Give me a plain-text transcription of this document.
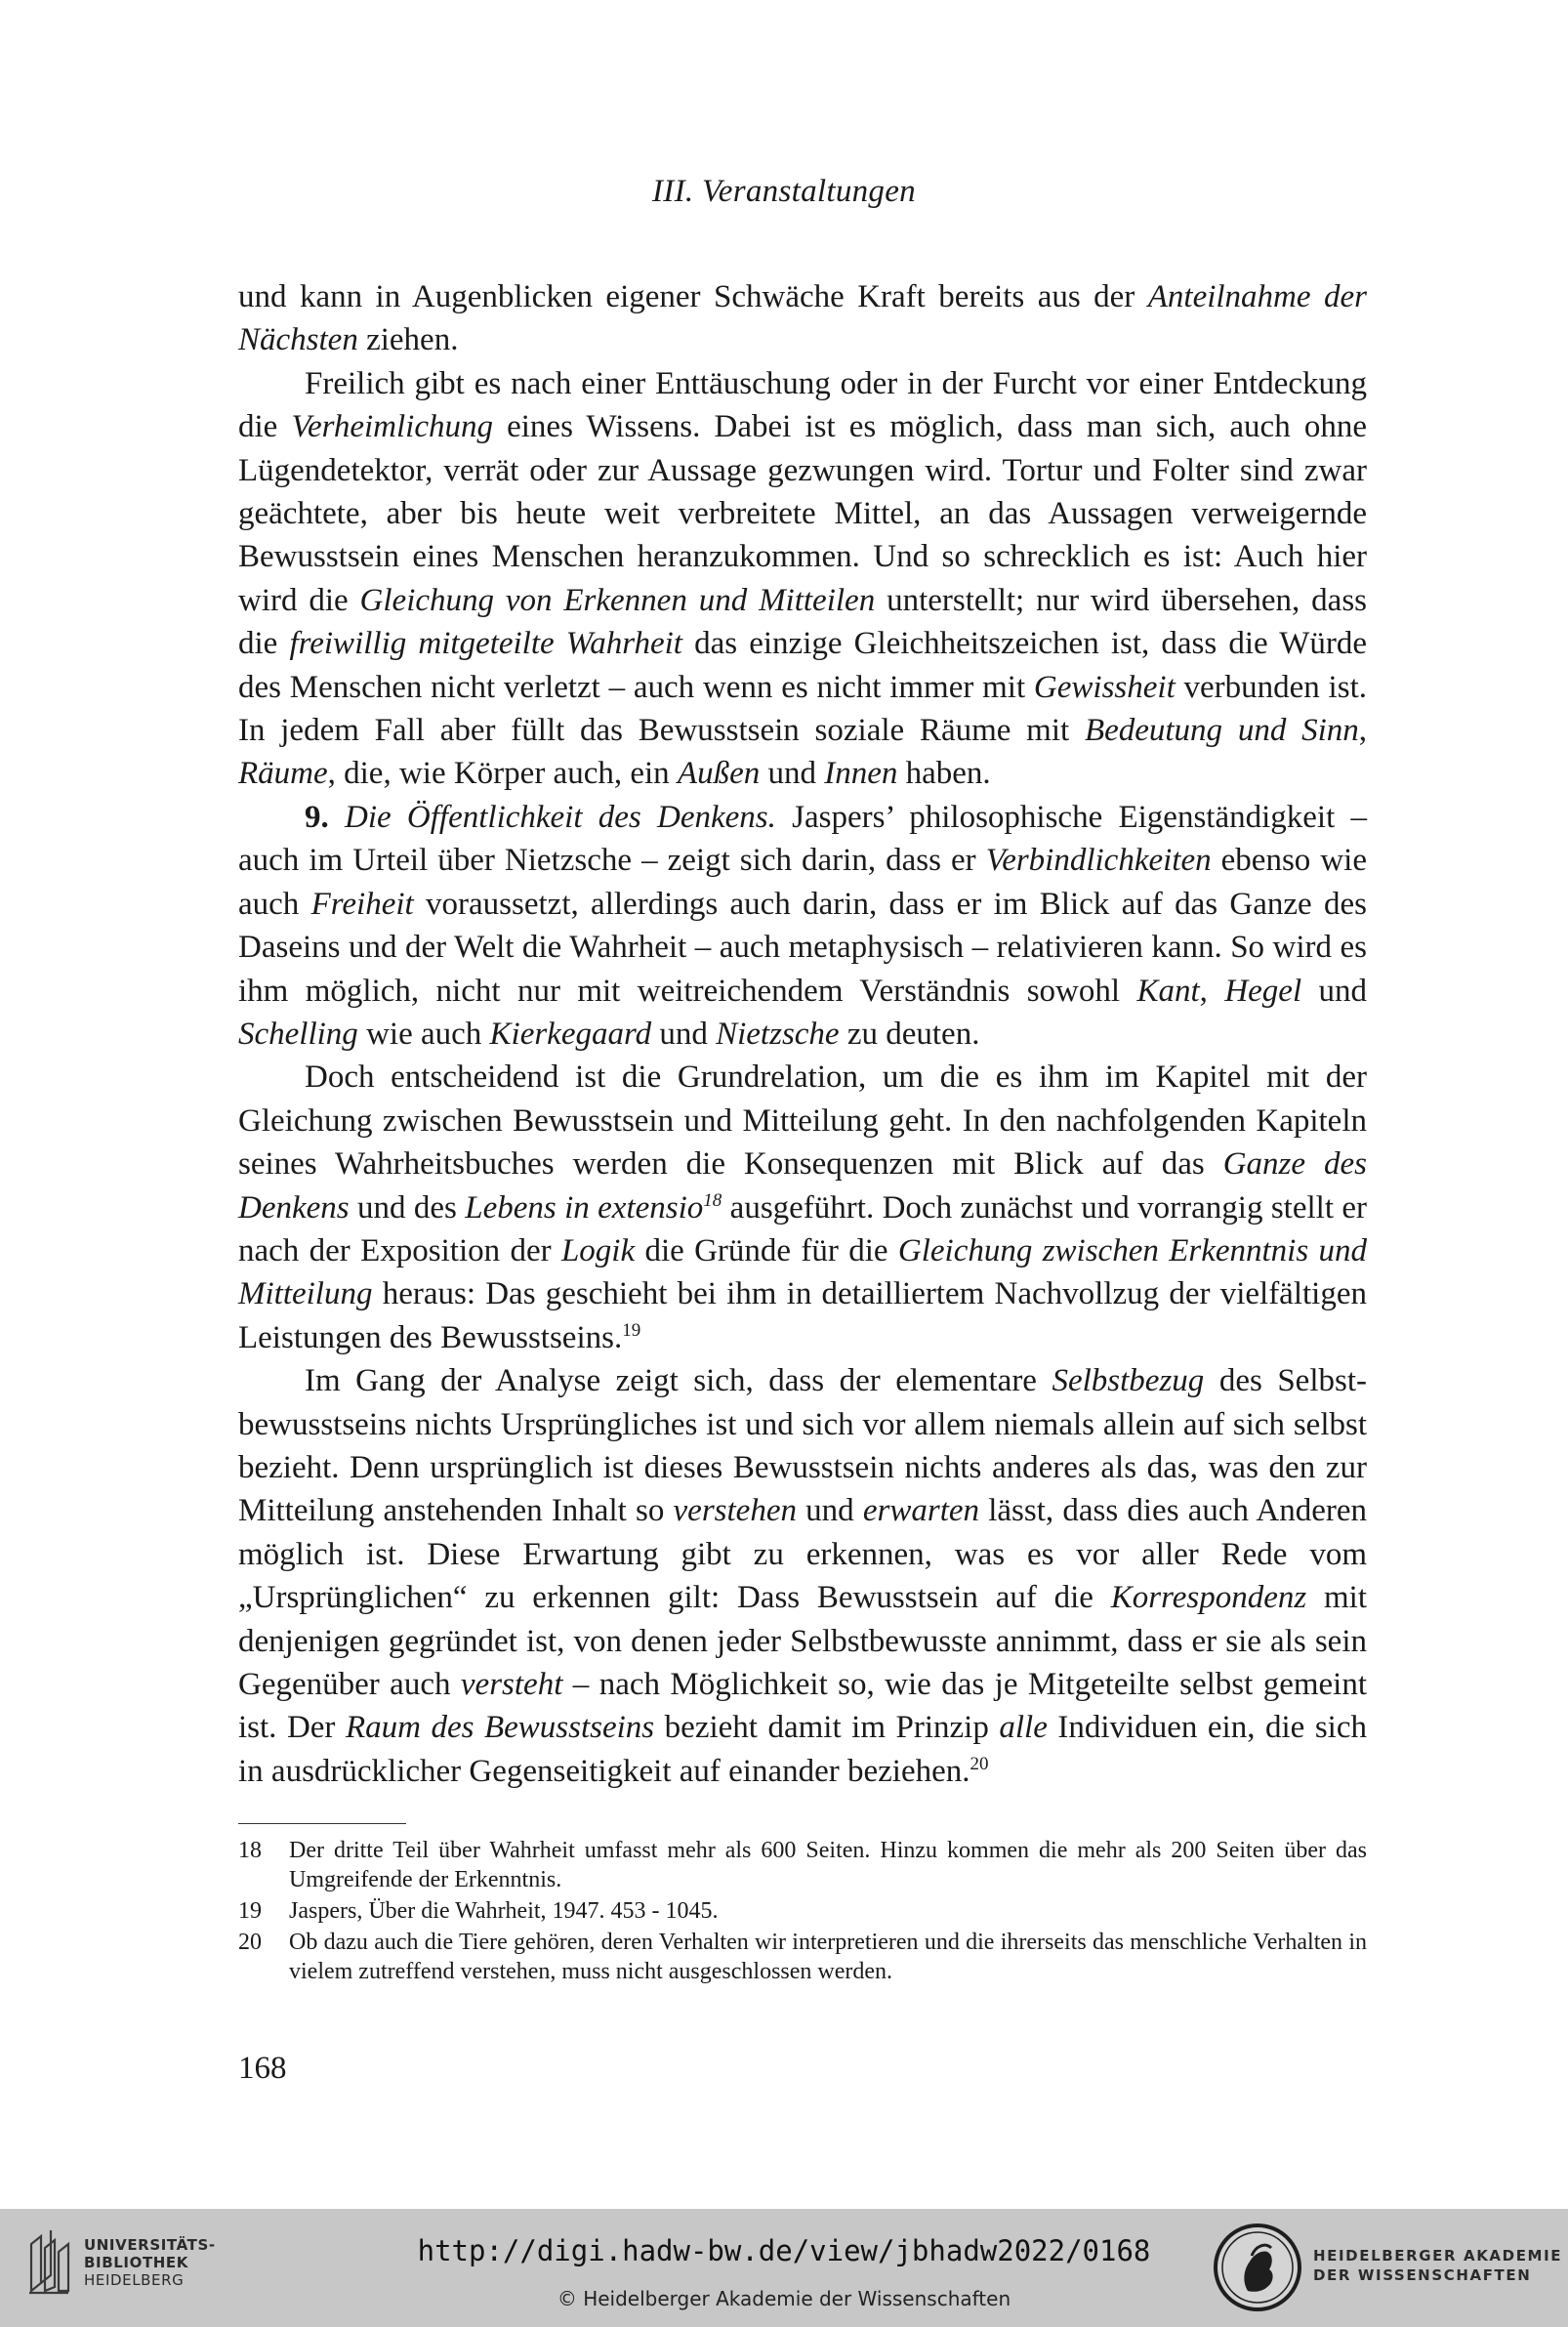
III. Veranstaltungen

und kann in Augenblicken eigener Schwäche Kraft bereits aus der Anteilnahme der Nächsten ziehen.

Freilich gibt es nach einer Enttäuschung oder in der Furcht vor einer Entdeckung die Verheimlichung eines Wissens. Dabei ist es möglich, dass man sich, auch ohne Lügendetektor, verrät oder zur Aussage gezwungen wird. Tortur und Folter sind zwar geächtete, aber bis heute weit verbreitete Mittel, an das Aussagen verweigernde Bewusstsein eines Menschen heranzukommen. Und so schrecklich es ist: Auch hier wird die Gleichung von Erkennen und Mitteilen unterstellt; nur wird übersehen, dass die freiwillig mitgeteilte Wahrheit das einzige Gleichheitszeichen ist, dass die Würde des Menschen nicht verletzt – auch wenn es nicht immer mit Gewissheit verbunden ist. In jedem Fall aber füllt das Bewusstsein soziale Räume mit Bedeutung und Sinn, Räume, die, wie Körper auch, ein Außen und Innen haben.

9. Die Öffentlichkeit des Denkens. Jaspers’ philosophische Eigenständigkeit – auch im Urteil über Nietzsche – zeigt sich darin, dass er Verbindlichkeiten ebenso wie auch Freiheit voraussetzt, allerdings auch darin, dass er im Blick auf das Ganze des Daseins und der Welt die Wahrheit – auch metaphysisch – relativieren kann. So wird es ihm möglich, nicht nur mit weitreichendem Verständnis sowohl Kant, Hegel und Schelling wie auch Kierkegaard und Nietzsche zu deuten.

Doch entscheidend ist die Grundrelation, um die es ihm im Kapitel mit der Gleichung zwischen Bewusstsein und Mitteilung geht. In den nachfolgenden Kapiteln seines Wahrheitsbuches werden die Konsequenzen mit Blick auf das Ganze des Denkens und des Lebens in extensio$^{18}$ ausgeführt. Doch zunächst und vorrangig stellt er nach der Exposition der Logik die Gründe für die Gleichung zwischen Erkenntnis und Mitteilung heraus: Das geschieht bei ihm in detailliertem Nachvollzug der vielfältigen Leistungen des Bewusstseins.$^{19}$

Im Gang der Analyse zeigt sich, dass der elementare Selbstbezug des Selbstbewusstseins nichts Ursprüngliches ist und sich vor allem niemals allein auf sich selbst bezieht. Denn ursprünglich ist dieses Bewusstsein nichts anderes als das, was den zur Mitteilung anstehenden Inhalt so verstehen und erwarten lässt, dass dies auch Anderen möglich ist. Diese Erwartung gibt zu erkennen, was es vor aller Rede vom „Ursprünglichen“ zu erkennen gilt: Dass Bewusstsein auf die Korrespondenz mit denjenigen gegründet ist, von denen jeder Selbstbewusste annimmt, dass er sie als sein Gegenüber auch versteht – nach Möglichkeit so, wie das je Mitgeteilte selbst gemeint ist. Der Raum des Bewusstseins bezieht damit im Prinzip alle Individuen ein, die sich in ausdrücklicher Gegenseitigkeit auf einander beziehen.$^{20}$

18	Der dritte Teil über Wahrheit umfasst mehr als 600 Seiten. Hinzu kommen die mehr als 200 Seiten über das Umgreifende der Erkenntnis.
19	Jaspers, Über die Wahrheit, 1947. 453 - 1045.
20	Ob dazu auch die Tiere gehören, deren Verhalten wir interpretieren und die ihrerseits das menschliche Verhalten in vielem zutreffend verstehen, muss nicht ausgeschlossen werden.
168
UNIVERSITÄTS-
BIBLIOTHEK
HEIDELBERG
http://digi.hadw-bw.de/view/jbhadw2022/0168
© Heidelberger Akademie der Wissenschaften
HEIDELBERGER AKADEMIE
DER WISSENSCHAFTEN
